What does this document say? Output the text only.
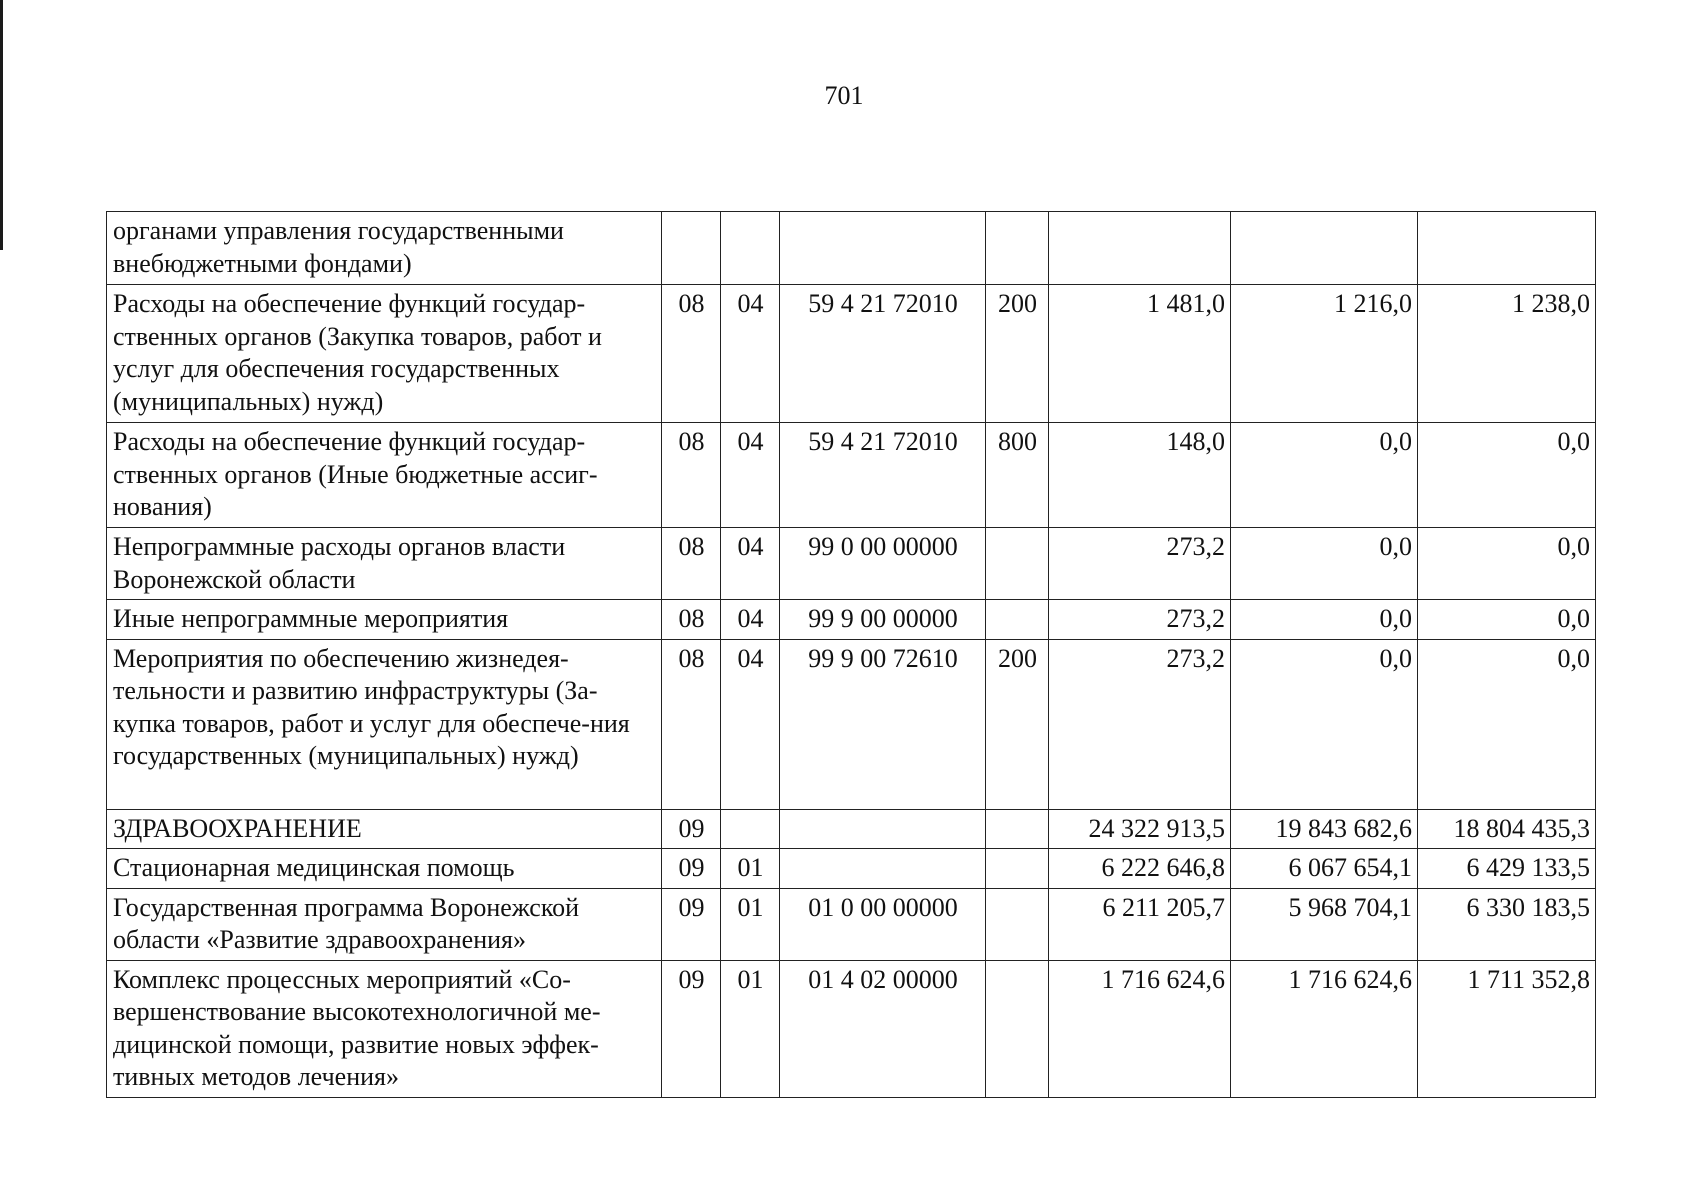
701
органами управления государственными внебюджетными фондами)							
Расходы на обеспечение функций государ-ственных органов (Закупка товаров, работ и услуг для обеспечения государственных (муниципальных) нужд)	08	04	59 4 21 72010	200	1 481,0	1 216,0	1 238,0
Расходы на обеспечение функций государ-ственных органов (Иные бюджетные ассиг-нования)	08	04	59 4 21 72010	800	148,0	0,0	0,0
Непрограммные расходы органов власти Воронежской области	08	04	99 0 00 00000		273,2	0,0	0,0
Иные непрограммные мероприятия	08	04	99 9 00 00000		273,2	0,0	0,0
Мероприятия по обеспечению жизнедея-тельности и развитию инфраструктуры (За-купка товаров, работ и услуг для обеспече-ния государственных (муниципальных) нужд)	08	04	99 9 00 72610	200	273,2	0,0	0,0
ЗДРАВООХРАНЕНИЕ	09				24 322 913,5	19 843 682,6	18 804 435,3
Стационарная медицинская помощь	09	01			6 222 646,8	6 067 654,1	6 429 133,5
Государственная программа Воронежской области «Развитие здравоохранения»	09	01	01 0 00 00000		6 211 205,7	5 968 704,1	6 330 183,5
Комплекс процессных мероприятий «Со-вершенствование высокотехнологичной ме-дицинской помощи, развитие новых эффек-тивных методов лечения»	09	01	01 4 02 00000		1 716 624,6	1 716 624,6	1 711 352,8
